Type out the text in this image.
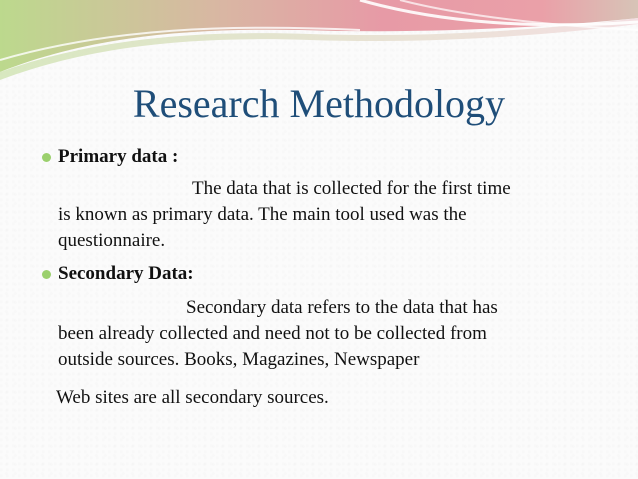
Research Methodology
Primary data :
The data that is collected for the first time
is known as primary data. The main tool used was the
questionnaire.
Secondary Data:
Secondary data refers to the data that has
been already collected and need not to be collected from
outside sources. Books, Magazines, Newspaper
Web sites are all secondary sources.
